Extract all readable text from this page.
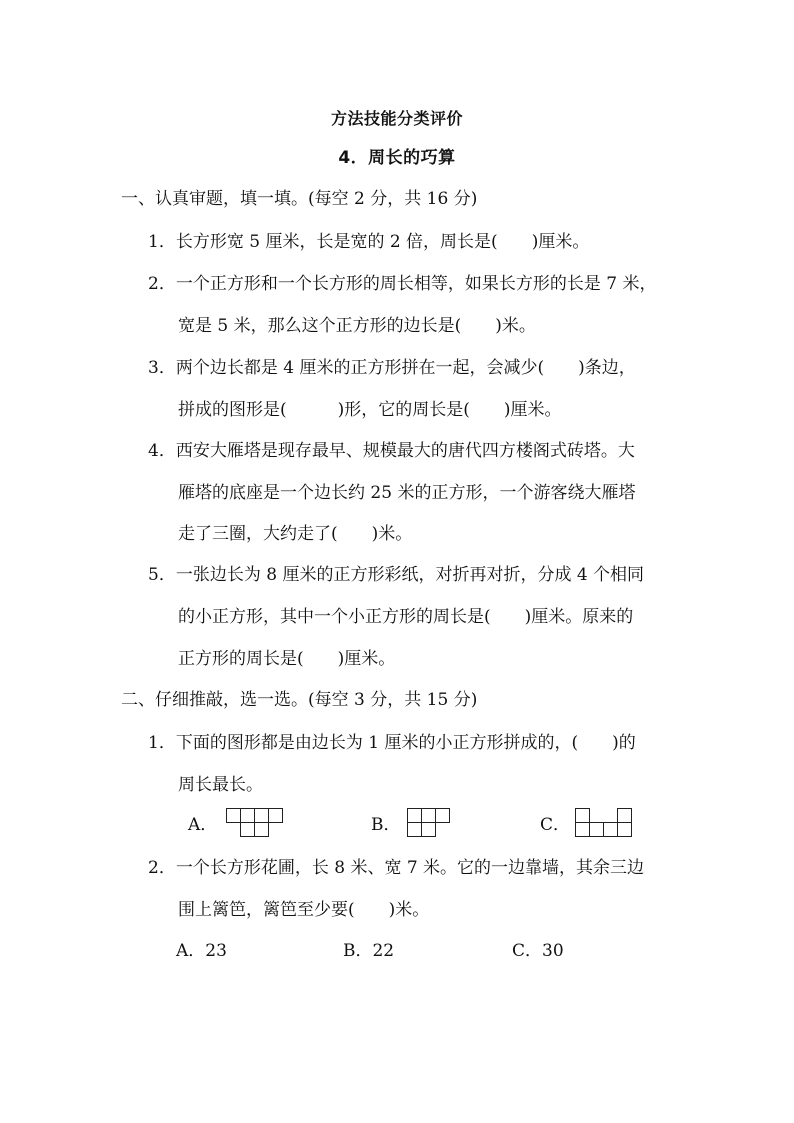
方法技能分类评价
4．周长的巧算
一、认真审题，填一填。(每空 2 分，共 16 分)
1．长方形宽 5 厘米，长是宽的 2 倍，周长是(　　)厘米。
2．一个正方形和一个长方形的周长相等，如果长方形的长是 7 米，
宽是 5 米，那么这个正方形的边长是(　　)米。
3．两个边长都是 4 厘米的正方形拼在一起，会减少(　　)条边，
拼成的图形是(　　　)形，它的周长是(　　)厘米。
4．西安大雁塔是现存最早、规模最大的唐代四方楼阁式砖塔。大
雁塔的底座是一个边长约 25 米的正方形，一个游客绕大雁塔
走了三圈，大约走了(　　)米。
5．一张边长为 8 厘米的正方形彩纸，对折再对折，分成 4 个相同
的小正方形，其中一个小正方形的周长是(　　)厘米。原来的
正方形的周长是(　　)厘米。
二、仔细推敲，选一选。(每空 3 分，共 15 分)
1．下面的图形都是由边长为 1 厘米的小正方形拼成的，(　　)的
周长最长。
A．	B．	C．
2．一个长方形花圃，长 8 米、宽 7 米。它的一边靠墙，其余三边
围上篱笆，篱笆至少要(　　)米。
A．23	B．22	C．30
